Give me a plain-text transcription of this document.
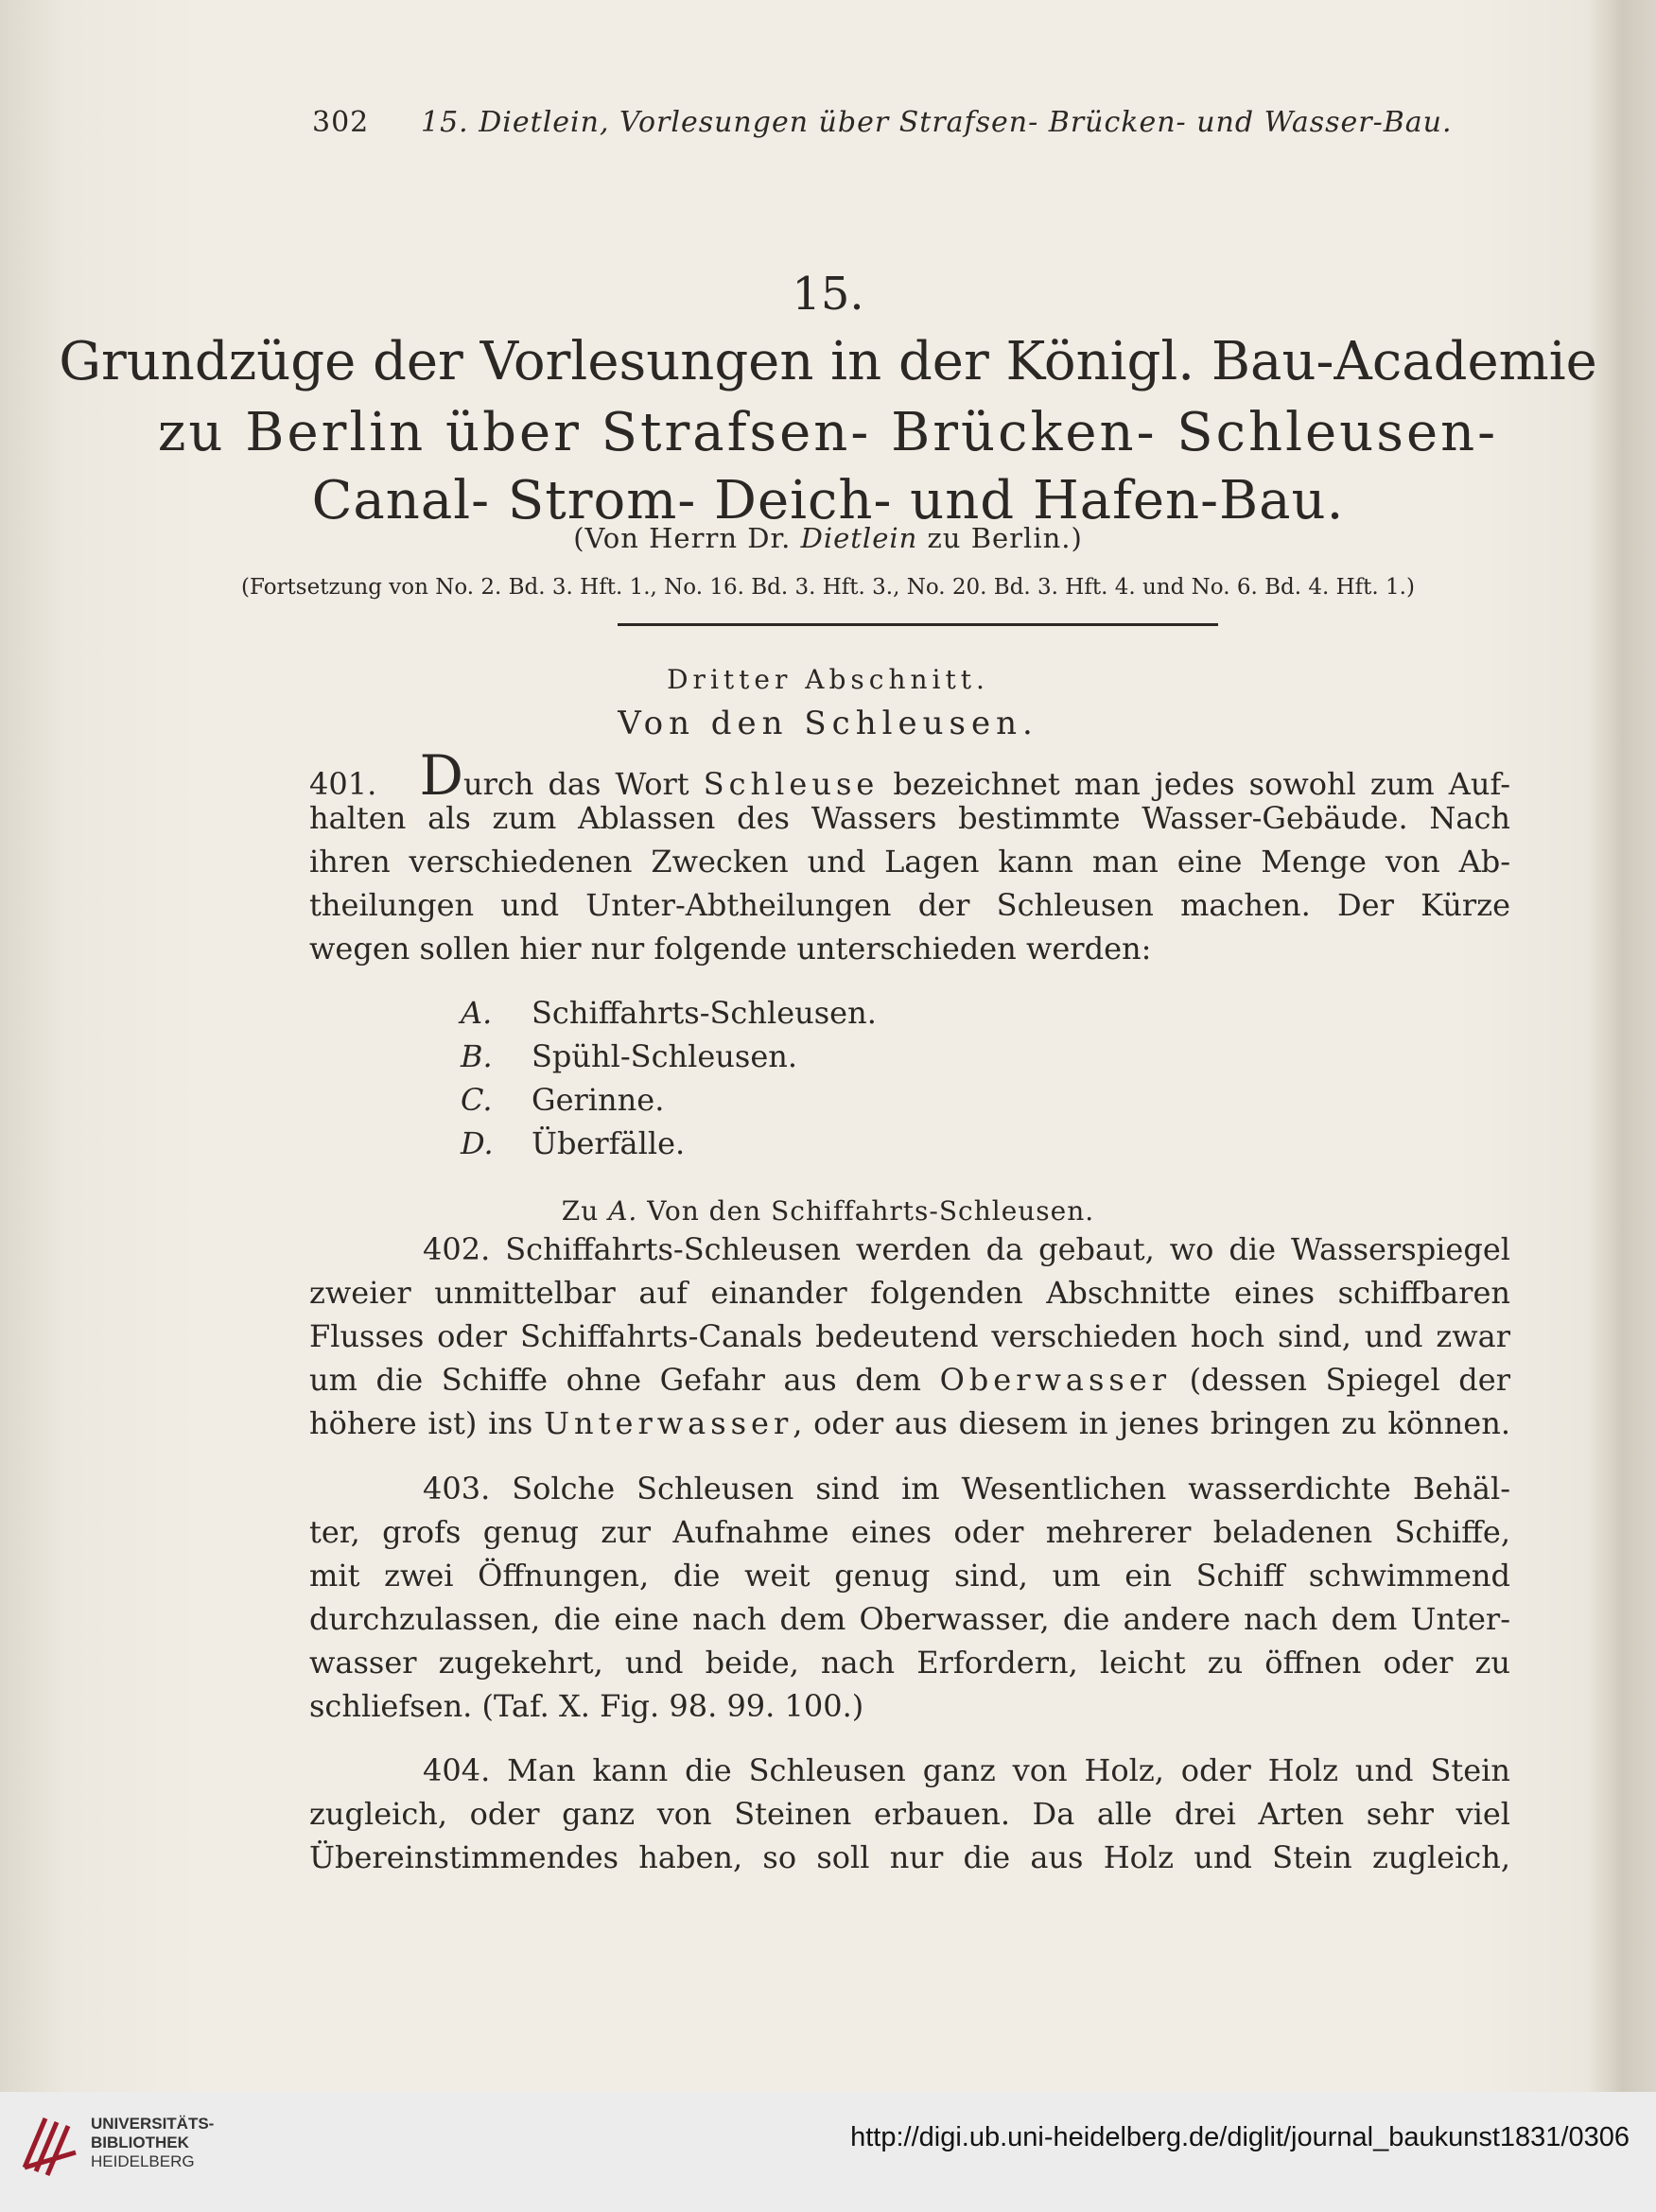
302 15. Dietlein, Vorlesungen über Strafsen- Brücken- und Wasser-Bau.
15.
Grundzüge der Vorlesungen in der Königl. Bau-Academie
zu Berlin über Strafsen- Brücken- Schleusen-
Canal- Strom- Deich- und Hafen-Bau.
(Von Herrn Dr. Dietlein zu Berlin.)
(Fortsetzung von No. 2. Bd. 3. Hft. 1., No. 16. Bd. 3. Hft. 3., No. 20. Bd. 3. Hft. 4. und No. 6. Bd. 4. Hft. 1.)
Dritter Abschnitt.
Von den Schleusen.
401. Durch das Wort Schleuse bezeichnet man jedes sowohl zum Auf-
halten als zum Ablassen des Wassers bestimmte Wasser-Gebäude. Nach
ihren verschiedenen Zwecken und Lagen kann man eine Menge von Ab-
theilungen und Unter-Abtheilungen der Schleusen machen. Der Kürze
wegen sollen hier nur folgende unterschieden werden:
A. Schiffahrts-Schleusen.
B. Spühl-Schleusen.
C. Gerinne.
D. Überfälle.
Zu A. Von den Schiffahrts-Schleusen.
402. Schiffahrts-Schleusen werden da gebaut, wo die Wasserspiegel
zweier unmittelbar auf einander folgenden Abschnitte eines schiffbaren
Flusses oder Schiffahrts-Canals bedeutend verschieden hoch sind, und zwar
um die Schiffe ohne Gefahr aus dem Oberwasser (dessen Spiegel der
höhere ist) ins Unterwasser, oder aus diesem in jenes bringen zu können.
403. Solche Schleusen sind im Wesentlichen wasserdichte Behäl-
ter, grofs genug zur Aufnahme eines oder mehrerer beladenen Schiffe,
mit zwei Öffnungen, die weit genug sind, um ein Schiff schwimmend
durchzulassen, die eine nach dem Oberwasser, die andere nach dem Unter-
wasser zugekehrt, und beide, nach Erfordern, leicht zu öffnen oder zu
schliefsen. (Taf. X. Fig. 98. 99. 100.)
404. Man kann die Schleusen ganz von Holz, oder Holz und Stein
zugleich, oder ganz von Steinen erbauen. Da alle drei Arten sehr viel
Übereinstimmendes haben, so soll nur die aus Holz und Stein zugleich,
UNIVERSITÄTS-
BIBLIOTHEK
HEIDELBERG
http://digi.ub.uni-heidelberg.de/diglit/journal_baukunst1831/0306
